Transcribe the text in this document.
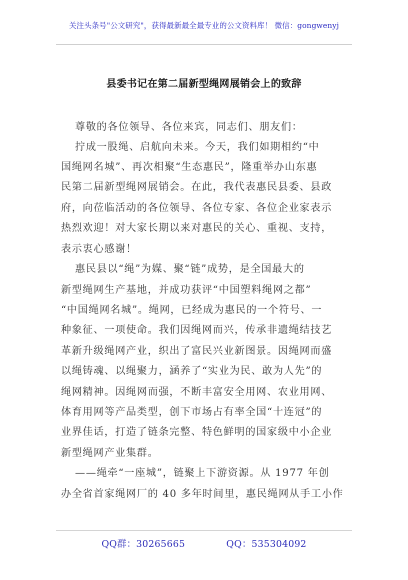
关注头条号"公文研究"，获得最新最全最专业的公文资料库！ 微信：gongwenyj
县委书记在第二届新型绳网展销会上的致辞
尊敬的各位领导、各位来宾，同志们、朋友们：
拧成一股绳、启航向未来。今天，我们如期相约“中
国绳网名城”、再次相聚“生态惠民”，隆重举办山东惠
民第二届新型绳网展销会。在此，我代表惠民县委、县政
府，向莅临活动的各位领导、各位专家、各位企业家表示
热烈欢迎！对大家长期以来对惠民的关心、重视、支持，
表示衷心感谢！
惠民县以“绳”为媒、聚“链”成势，是全国最大的
新型绳网生产基地，并成功获评“中国塑料绳网之都”
“中国绳网名城”。绳网，已经成为惠民的一个符号、一
种象征、一项使命。我们因绳网而兴，传承非遗绳结技艺
革新升级绳网产业，织出了富民兴业新图景。因绳网而盛
以绳铸魂、以绳聚力，涵养了“实业为民、敢为人先”的
绳网精神。因绳网而强，不断丰富安全用网、农业用网、
体育用网等产品类型，创下市场占有率全国“十连冠”的
业界佳话，打造了链条完整、特色鲜明的国家级中小企业
新型绳网产业集群。
——绳牵“一座城”，链聚上下游资源。从 1977 年创
办全省首家绳网厂的 40 多年时间里，惠民绳网从手工小作
QQ群：30265665	QQ：535304092
